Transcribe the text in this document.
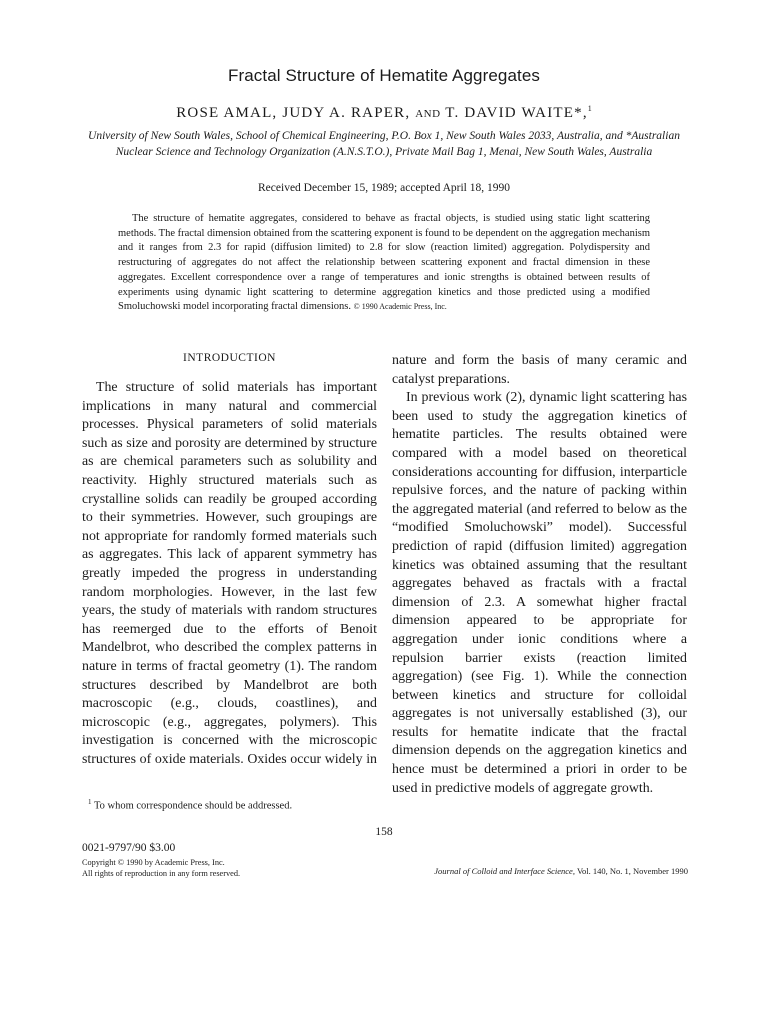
Fractal Structure of Hematite Aggregates
ROSE AMAL, JUDY A. RAPER, AND T. DAVID WAITE*,$^1$
University of New South Wales, School of Chemical Engineering, P.O. Box 1, New South Wales 2033, Australia, and *Australian Nuclear Science and Technology Organization (A.N.S.T.O.), Private Mail Bag 1, Menai, New South Wales, Australia
Received December 15, 1989; accepted April 18, 1990
The structure of hematite aggregates, considered to behave as fractal objects, is studied using static light scattering methods. The fractal dimension obtained from the scattering exponent is found to be dependent on the aggregation mechanism and it ranges from 2.3 for rapid (diffusion limited) to 2.8 for slow (reaction limited) aggregation. Polydispersity and restructuring of aggregates do not affect the relationship between scattering exponent and fractal dimension in these aggregates. Excellent correspondence over a range of temperatures and ionic strengths is obtained between results of experiments using dynamic light scattering to determine aggregation kinetics and those predicted using a modified Smoluchowski model incorporating fractal dimensions. © 1990 Academic Press, Inc.
INTRODUCTION

The structure of solid materials has important implications in many natural and commercial processes. Physical parameters of solid materials such as size and porosity are determined by structure as are chemical parameters such as solubility and reactivity. Highly structured materials such as crystalline solids can readily be grouped according to their symmetries. However, such groupings are not appropriate for randomly formed materials such as aggregates. This lack of apparent symmetry has greatly impeded the progress in understanding random morphologies. However, in the last few years, the study of materials with random structures has reemerged due to the efforts of Benoit Mandelbrot, who described the complex patterns in nature in terms of fractal geometry (1). The random structures described by Mandelbrot are both macroscopic (e.g., clouds, coastlines), and microscopic (e.g., aggregates, polymers). This investigation is concerned with the microscopic structures of oxide materials. Oxides occur widely in

$^1$ To whom correspondence should be addressed.
158
0021-9797/90 $3.00
Copyright © 1990 by Academic Press, Inc.
All rights of reproduction in any form reserved.	Journal of Colloid and Interface Science, Vol. 140, No. 1, November 1990

nature and form the basis of many ceramic and catalyst preparations.

In previous work (2), dynamic light scattering has been used to study the aggregation kinetics of hematite particles. The results obtained were compared with a model based on theoretical considerations accounting for diffusion, interparticle repulsive forces, and the nature of packing within the aggregated material (and referred to below as the “modified Smoluchowski” model). Successful prediction of rapid (diffusion limited) aggregation kinetics was obtained assuming that the resultant aggregates behaved as fractals with a fractal dimension of 2.3. A somewhat higher fractal dimension appeared to be appropriate for aggregation under ionic conditions where a repulsion barrier exists (reaction limited aggregation) (see Fig. 1). While the connection between kinetics and structure for colloidal aggregates is not universally established (3), our results for hematite indicate that the fractal dimension depends on the aggregation kinetics and hence must be determined a priori in order to be used in predictive models of aggregate growth.
